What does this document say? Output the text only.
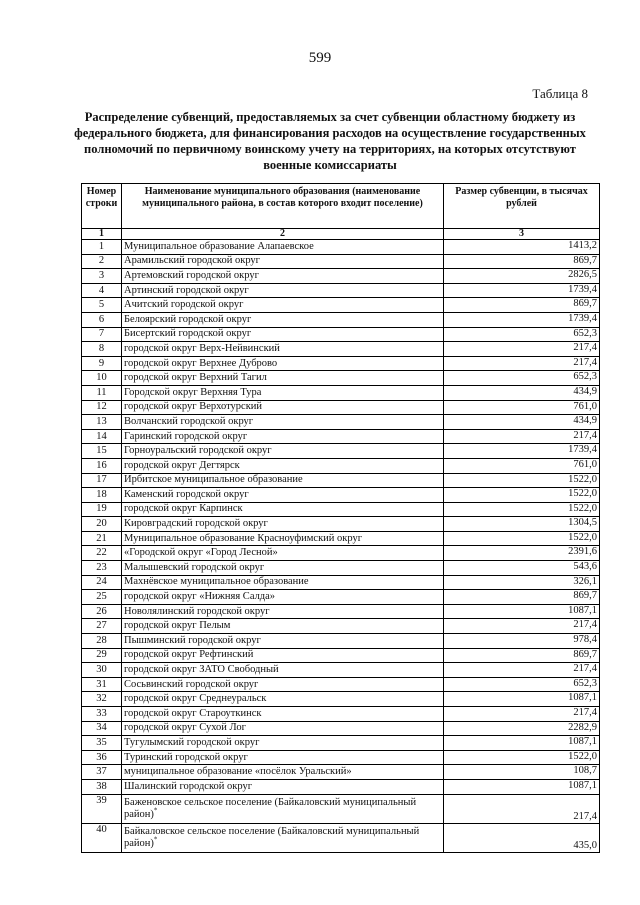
599
Таблица 8
Распределение субвенций, предоставляемых за счет субвенции областному бюджету из федерального бюджета, для финансирования расходов на осуществление государственных полномочий по первичному воинскому учету на территориях, на которых отсутствуют военные комиссариаты
Номер строки	Наименование муниципального образования (наименование муниципального района, в состав которого входит поселение)	Размер субвенции, в тысячах рублей
1	2	3
1	Муниципальное образование Алапаевское	1413,2
2	Арамильский городской округ	869,7
3	Артемовский городской округ	2826,5
4	Артинский городской округ	1739,4
5	Ачитский городской округ	869,7
6	Белоярский городской округ	1739,4
7	Бисертский городской округ	652,3
8	городской округ Верх-Нейвинский	217,4
9	городской округ Верхнее Дуброво	217,4
10	городской округ Верхний Тагил	652,3
11	Городской округ Верхняя Тура	434,9
12	городской округ Верхотурский	761,0
13	Волчанский городской округ	434,9
14	Гаринский городской округ	217,4
15	Горноуральский городской округ	1739,4
16	городской округ Дегтярск	761,0
17	Ирбитское муниципальное образование	1522,0
18	Каменский городской округ	1522,0
19	городской округ Карпинск	1522,0
20	Кировградский городской округ	1304,5
21	Муниципальное образование Красноуфимский округ	1522,0
22	«Городской округ «Город Лесной»	2391,6
23	Малышевский городской округ	543,6
24	Махнёвское муниципальное образование	326,1
25	городской округ «Нижняя Салда»	869,7
26	Новолялинский городской округ	1087,1
27	городской округ Пелым	217,4
28	Пышминский городской округ	978,4
29	городской округ Рефтинский	869,7
30	городской округ ЗАТО Свободный	217,4
31	Сосьвинский городской округ	652,3
32	городской округ Среднеуральск	1087,1
33	городской округ Староуткинск	217,4
34	городской округ Сухой Лог	2282,9
35	Тугулымский городской округ	1087,1
36	Туринский городской округ	1522,0
37	муниципальное образование «посёлок Уральский»	108,7
38	Шалинский городской округ	1087,1
39	Баженовское сельское поселение (Байкаловский муниципальный район)*	217,4
40	Байкаловское сельское поселение (Байкаловский муниципальный район)*	435,0
